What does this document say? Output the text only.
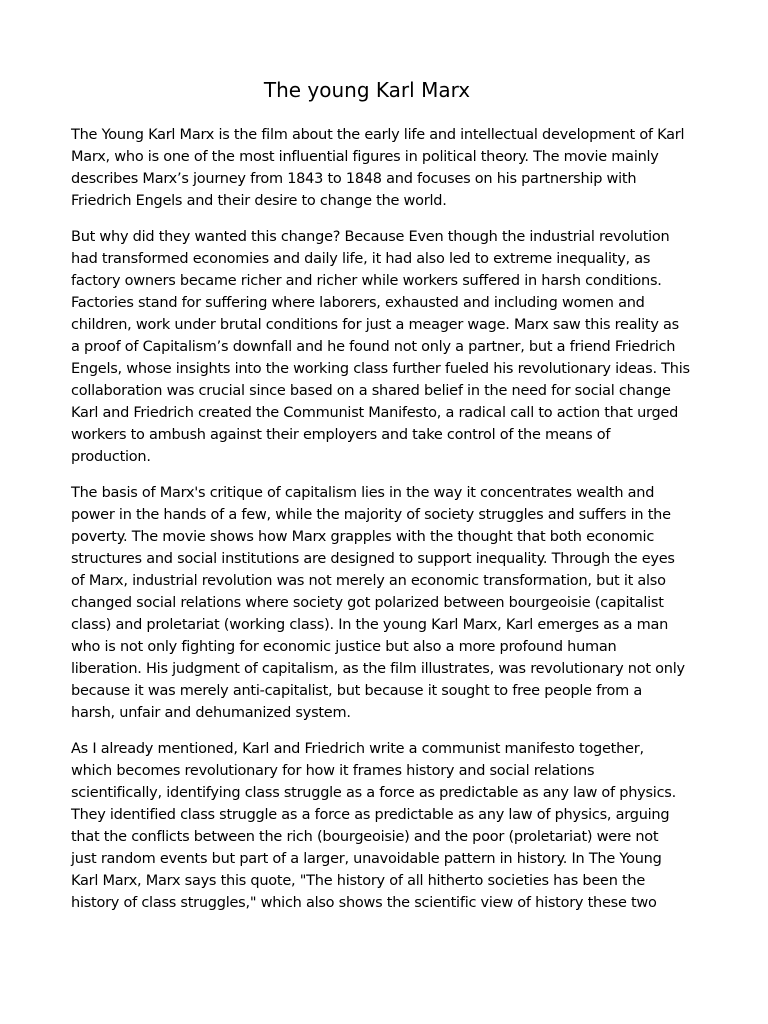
The young Karl Marx

The Young Karl Marx is the film about the early life and intellectual development of Karl
Marx, who is one of the most influential figures in political theory. The movie mainly
describes Marx’s journey from 1843 to 1848 and focuses on his partnership with
Friedrich Engels and their desire to change the world.

But why did they wanted this change? Because Even though the industrial revolution
had transformed economies and daily life, it had also led to extreme inequality, as
factory owners became richer and richer while workers suffered in harsh conditions.
Factories stand for suffering where laborers, exhausted and including women and
children, work under brutal conditions for just a meager wage. Marx saw this reality as
a proof of Capitalism’s downfall and he found not only a partner, but a friend Friedrich
Engels, whose insights into the working class further fueled his revolutionary ideas. This
collaboration was crucial since based on a shared belief in the need for social change
Karl and Friedrich created the Communist Manifesto, a radical call to action that urged
workers to ambush against their employers and take control of the means of
production.

The basis of Marx's critique of capitalism lies in the way it concentrates wealth and
power in the hands of a few, while the majority of society struggles and suffers in the
poverty. The movie shows how Marx grapples with the thought that both economic
structures and social institutions are designed to support inequality. Through the eyes
of Marx, industrial revolution was not merely an economic transformation, but it also
changed social relations where society got polarized between bourgeoisie (capitalist
class) and proletariat (working class). In the young Karl Marx, Karl emerges as a man
who is not only fighting for economic justice but also a more profound human
liberation. His judgment of capitalism, as the film illustrates, was revolutionary not only
because it was merely anti-capitalist, but because it sought to free people from a
harsh, unfair and dehumanized system.

As I already mentioned, Karl and Friedrich write a communist manifesto together,
which becomes revolutionary for how it frames history and social relations
scientifically, identifying class struggle as a force as predictable as any law of physics.
They identified class struggle as a force as predictable as any law of physics, arguing
that the conflicts between the rich (bourgeoisie) and the poor (proletariat) were not
just random events but part of a larger, unavoidable pattern in history. In The Young
Karl Marx, Marx says this quote, "The history of all hitherto societies has been the
history of class struggles," which also shows the scientific view of history these two
